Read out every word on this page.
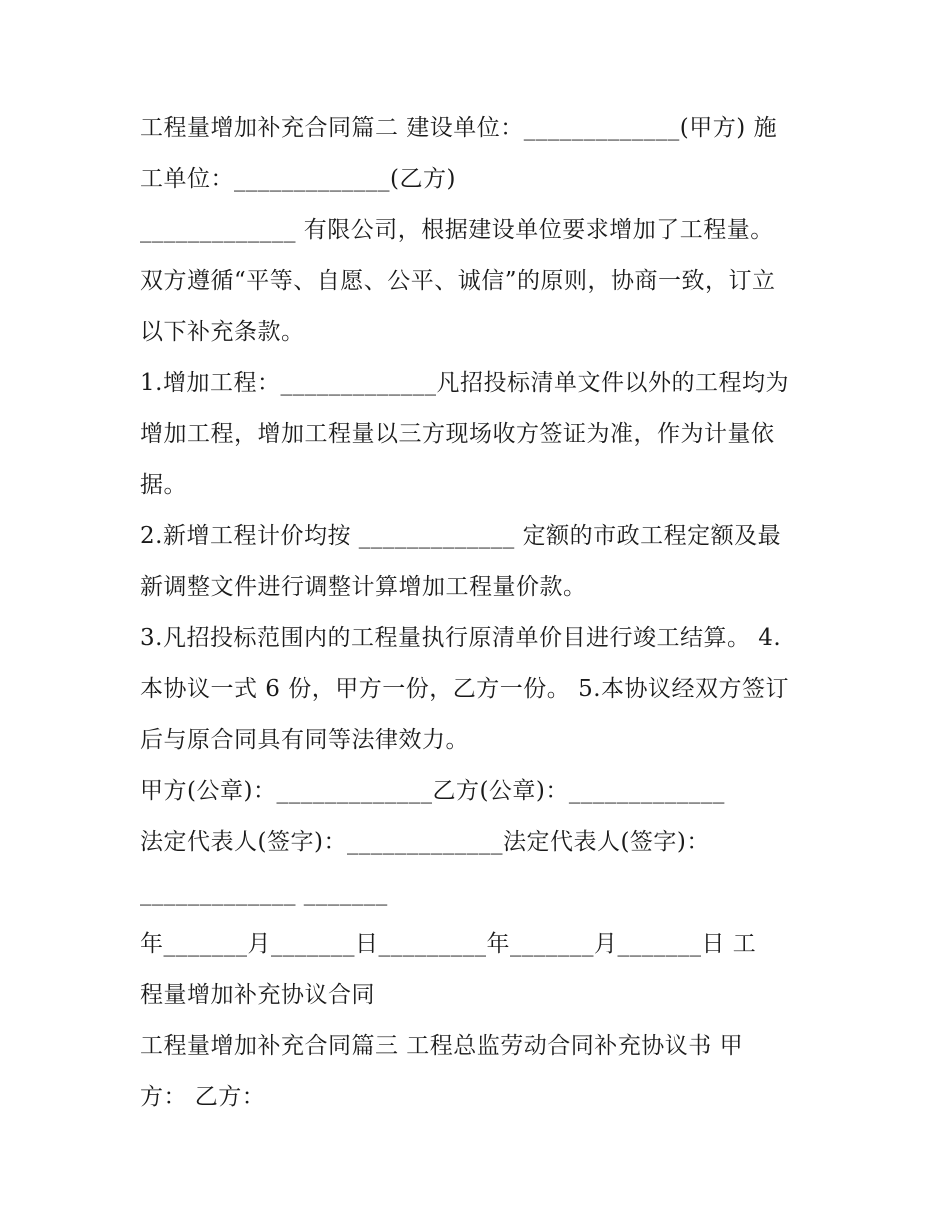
工程量增加补充合同篇二 建设单位：_____________(甲方) 施
工单位：_____________(乙方)
_____________ 有限公司，根据建设单位要求增加了工程量。
双方遵循“平等、自愿、公平、诚信”的原则，协商一致，订立
以下补充条款。
1.增加工程：_____________凡招投标清单文件以外的工程均为
增加工程，增加工程量以三方现场收方签证为准，作为计量依
据。
2.新增工程计价均按 _____________ 定额的市政工程定额及最
新调整文件进行调整计算增加工程量价款。
3.凡招投标范围内的工程量执行原清单价目进行竣工结算。 4.
本协议一式 6 份，甲方一份，乙方一份。 5.本协议经双方签订
后与原合同具有同等法律效力。
甲方(公章)：_____________乙方(公章)：_____________
法定代表人(签字)：_____________法定代表人(签字)：
_____________ _______
年_______月_______日_________年_______月_______日 工
程量增加补充协议合同
工程量增加补充合同篇三 工程总监劳动合同补充协议书 甲
方： 乙方：
